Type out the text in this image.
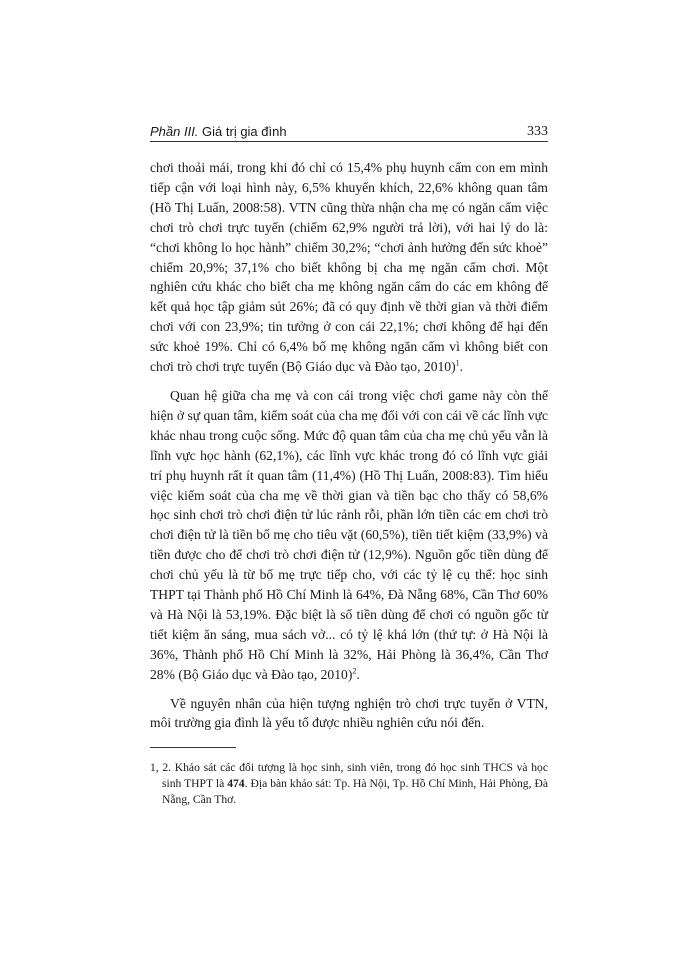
Phần III. Giá trị gia đình	333

chơi thoải mái, trong khi đó chỉ có 15,4% phụ huynh cấm con em mình tiếp cận với loại hình này, 6,5% khuyến khích, 22,6% không quan tâm (Hồ Thị Luấn, 2008:58). VTN cũng thừa nhận cha mẹ có ngăn cấm việc chơi trò chơi trực tuyến (chiếm 62,9% người trả lời), với hai lý do là: “chơi không lo học hành” chiếm 30,2%; “chơi ảnh hưởng đến sức khoẻ” chiếm 20,9%; 37,1% cho biết không bị cha mẹ ngăn cấm chơi. Một nghiên cứu khác cho biết cha mẹ không ngăn cấm do các em không để kết quả học tập giảm sút 26%; đã có quy định về thời gian và thời điểm chơi với con 23,9%; tin tưởng ở con cái 22,1%; chơi không để hại đến sức khoẻ 19%. Chỉ có 6,4% bố mẹ không ngăn cấm vì không biết con chơi trò chơi trực tuyến (Bộ Giáo dục và Đào tạo, 2010)$^1$.

Quan hệ giữa cha mẹ và con cái trong việc chơi game này còn thể hiện ở sự quan tâm, kiểm soát của cha mẹ đối với con cái về các lĩnh vực khác nhau trong cuộc sống. Mức độ quan tâm của cha mẹ chủ yếu vẫn là lĩnh vực học hành (62,1%), các lĩnh vực khác trong đó có lĩnh vực giải trí phụ huynh rất ít quan tâm (11,4%) (Hồ Thị Luấn, 2008:83). Tìm hiểu việc kiểm soát của cha mẹ về thời gian và tiền bạc cho thấy có 58,6% học sinh chơi trò chơi điện tử lúc rảnh rỗi, phần lớn tiền các em chơi trò chơi điện tử là tiền bố mẹ cho tiêu vặt (60,5%), tiền tiết kiệm (33,9%) và tiền được cho để chơi trò chơi điện tử (12,9%). Nguồn gốc tiền dùng để chơi chủ yếu là từ bố mẹ trực tiếp cho, với các tỷ lệ cụ thể: học sinh THPT tại Thành phố Hồ Chí Minh là 64%, Đà Nẵng 68%, Cần Thơ 60% và Hà Nội là 53,19%. Đặc biệt là số tiền dùng để chơi có nguồn gốc từ tiết kiệm ăn sáng, mua sách vở... có tỷ lệ khá lớn (thứ tự: ở Hà Nội là 36%, Thành phố Hồ Chí Minh là 32%, Hải Phòng là 36,4%, Cần Thơ 28% (Bộ Giáo dục và Đào tạo, 2010)$^2$.

Về nguyên nhân của hiện tượng nghiện trò chơi trực tuyến ở VTN, môi trường gia đình là yếu tố được nhiều nghiên cứu nói đến.

1, 2. Khảo sát các đối tượng là học sinh, sinh viên, trong đó học sinh THCS và học sinh THPT là 474. Địa bàn khảo sát: Tp. Hà Nội, Tp. Hồ Chí Minh, Hải Phòng, Đà Nẵng, Cần Thơ.
